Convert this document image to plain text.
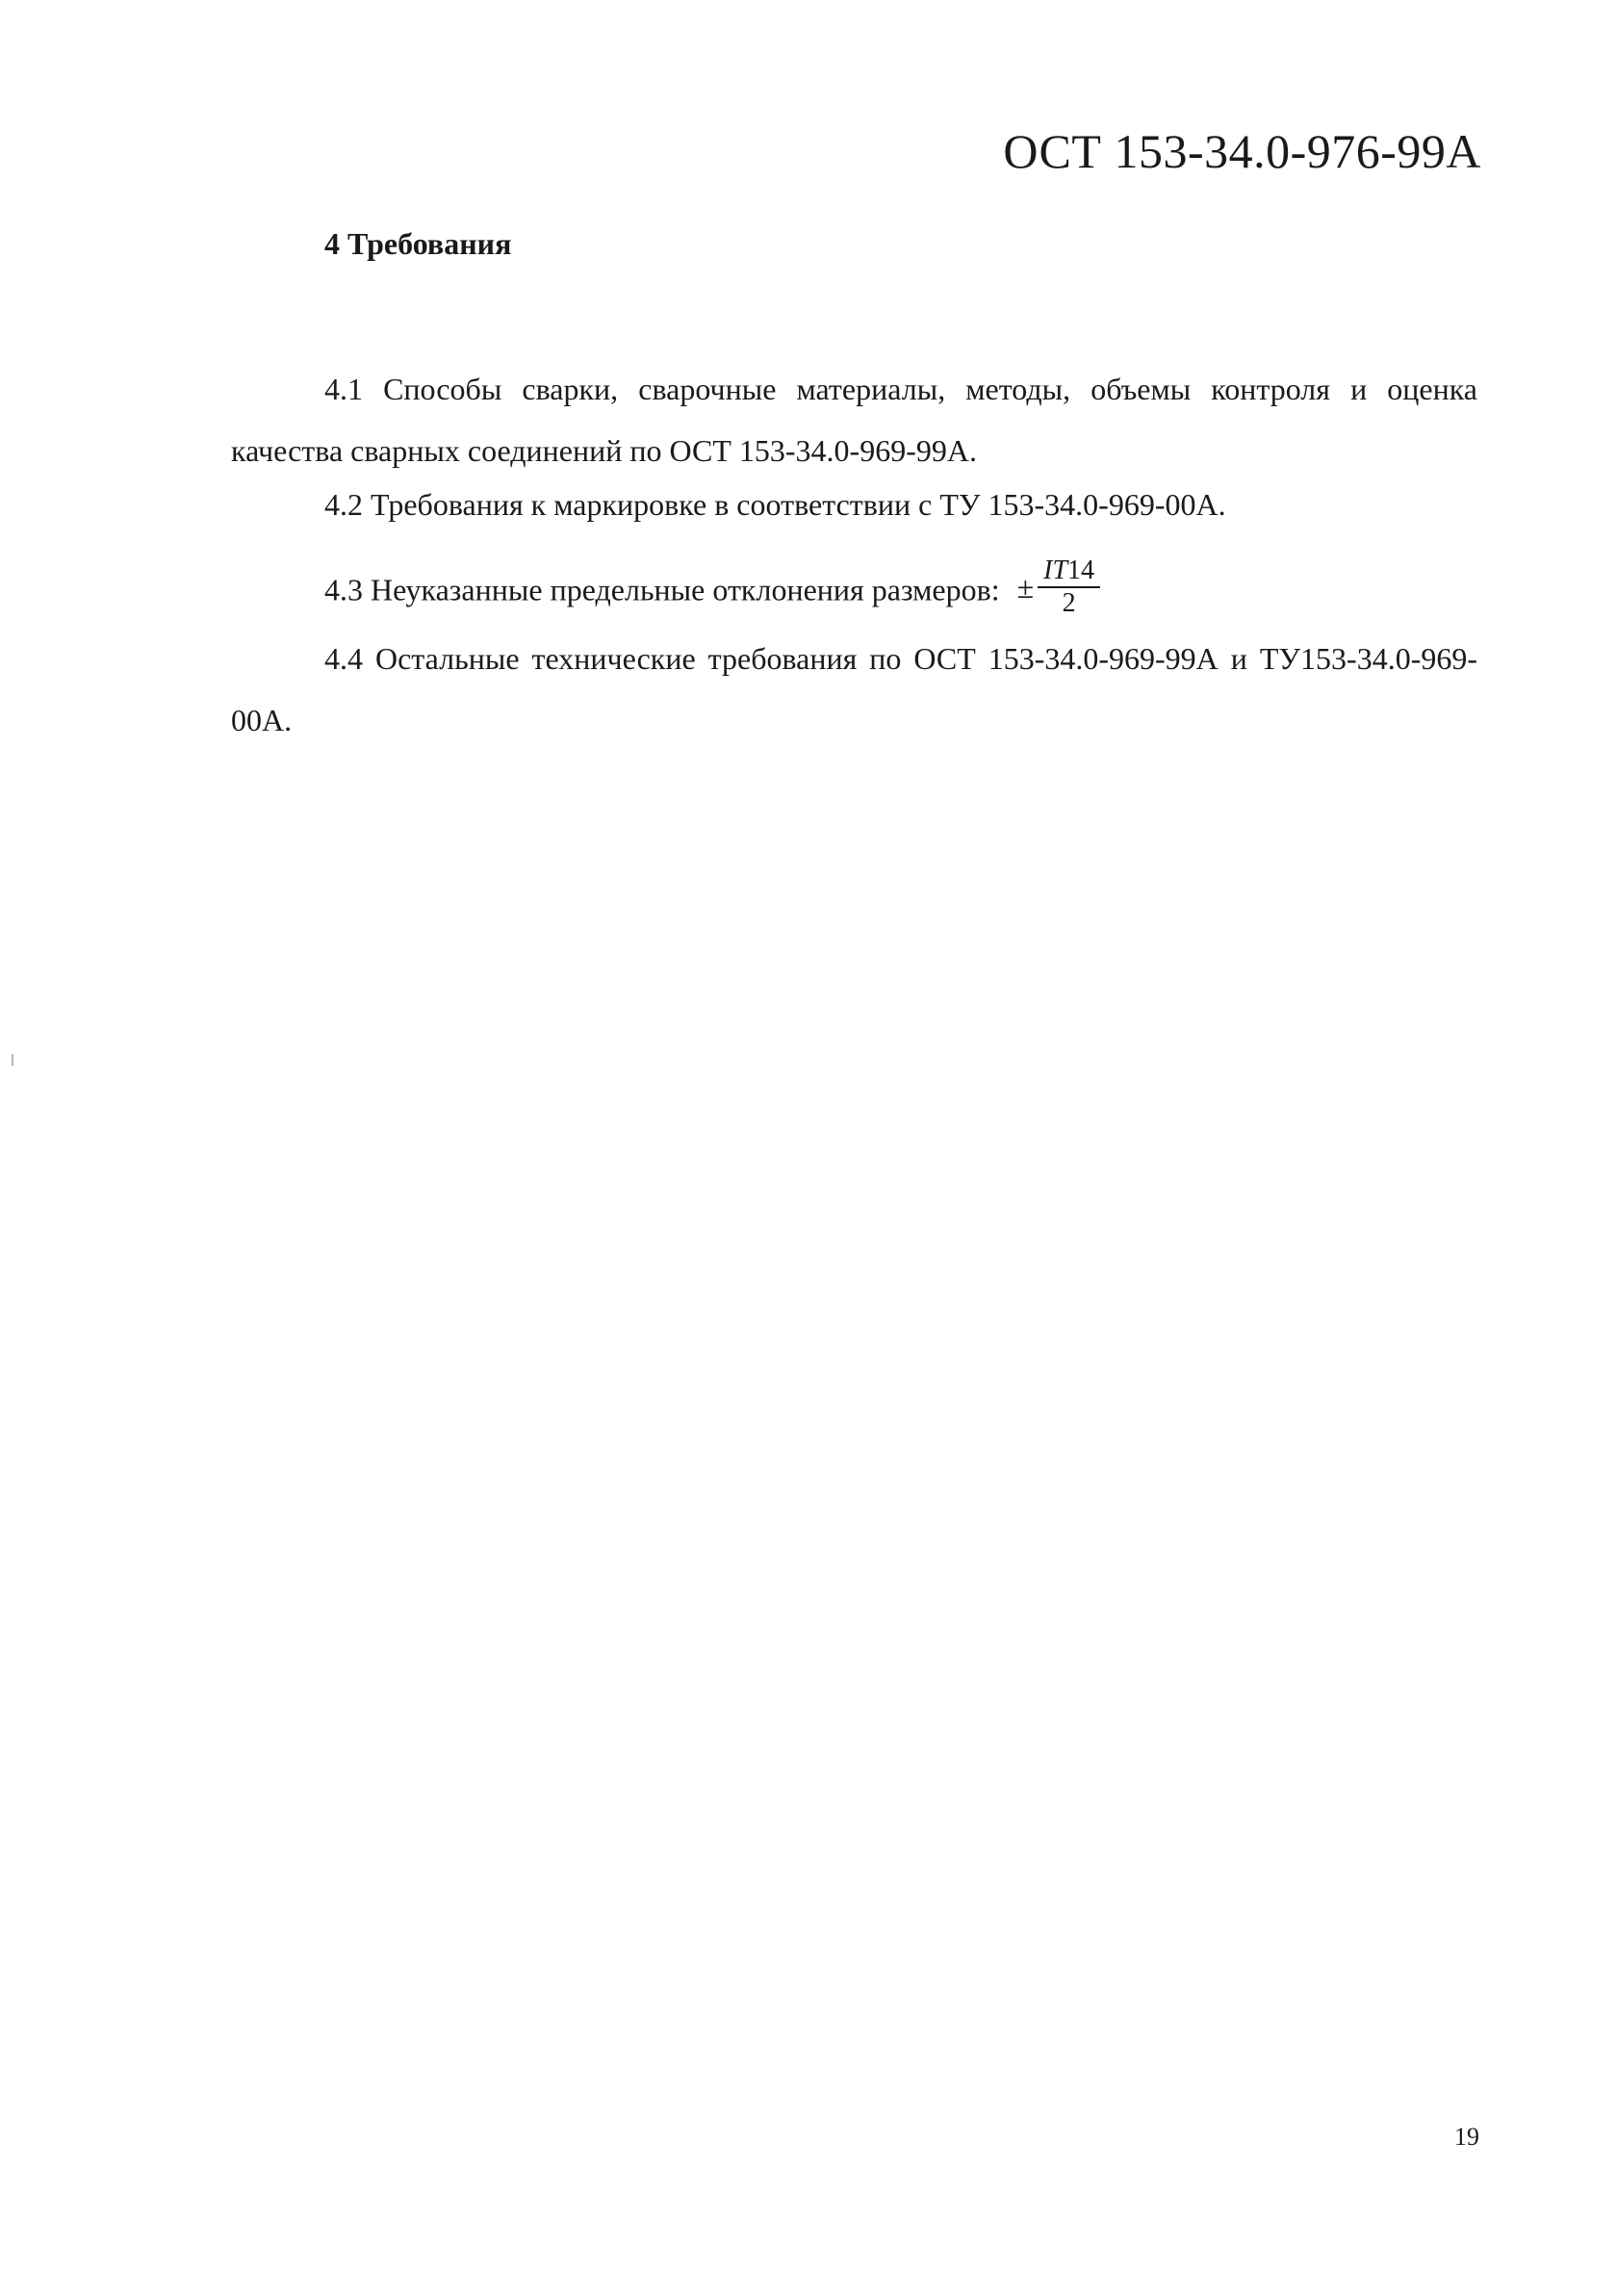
ОСТ 153-34.0-976-99А
4 Требования
4.1 Способы сварки, сварочные материалы, методы, объемы контроля и оценка качества сварных соединений по ОСТ 153-34.0-969-99А.
4.2 Требования к маркировке в соответствии с ТУ 153-34.0-969-00А.
4.3 Неуказанные предельные отклонения размеров: ± $\frac{IT14}{2}$
4.4 Остальные технические требования по ОСТ 153-34.0-969-99А и ТУ153-34.0-969-00А.
19
